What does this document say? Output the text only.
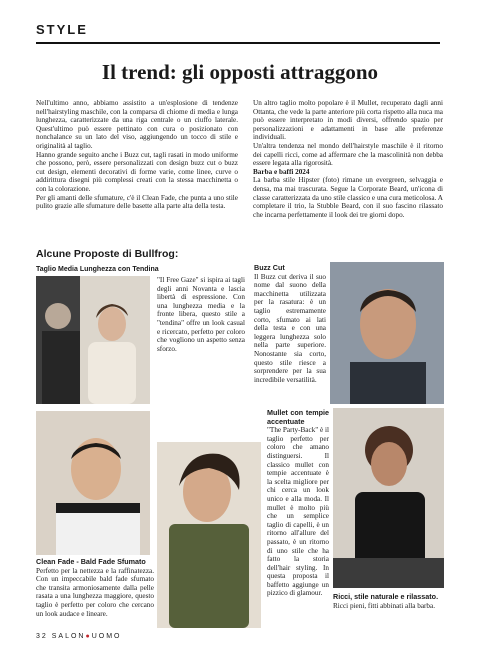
STYLE
Il trend: gli opposti attraggono

Nell'ultimo anno, abbiamo assistito a un'esplosione di tendenze nell'hairstyling maschile, con la comparsa di chiome di media e lunga lunghezza, caratterizzate da una riga centrale o un ciuffo laterale. Quest'ultimo può essere pettinato con cura o posizionato con nonchalance su un lato del viso, aggiungendo un tocco di stile e originalità al taglio.

Hanno grande seguito anche i Buzz cut, tagli rasati in modo uniforme che possono, però, essere personalizzati con design buzz cut o buzz cut design, elementi decorativi di forme varie, come linee, curve o addirittura disegni più complessi creati con la stessa macchinetta o con la colorazione.

Per gli amanti delle sfumature, c'è il Clean Fade, che punta a uno stile pulito grazie alle sfumature delle basette alla parte alta della testa.

Un altro taglio molto popolare è il Mullet, recuperato dagli anni Ottanta, che vede la parte anteriore più corta rispetto alla nuca ma può essere interpretato in modi diversi, offrendo spazio per personalizzazioni e adattamenti in base alle preferenze individuali.

Un'altra tendenza nel mondo dell'hairstyle maschile è il ritorno dei capelli ricci, come ad affermare che la mascolinità non debba essere legata alla rigorosità.

Barba e baffi 2024

La barba stile Hipster (foto) rimane un evergreen, selvaggia e densa, ma mai trascurata. Segue la Corporate Beard, un'icona di classe caratterizzata da uno stile classico e una cura meticolosa. A completare il trio, la Stubble Beard, con il suo fascino rilassato che incarna perfettamente il look dei tre giorni dopo.

Alcune Proposte di Bullfrog:
Taglio Media Lunghezza con Tendina
"Il Free Gaze" si ispira ai tagli degli anni Novanta e lascia libertà di espressione. Con una lunghezza media e la fronte libera, questo stile a "tendina" offre un look casual e ricercato, perfetto per coloro che vogliono un aspetto senza sforzo.
Buzz Cut
Il Buzz cut deriva il suo nome dal suono della macchinetta utilizzata per la rasatura: è un taglio estremamente corto, sfumato ai lati della testa e con una leggera lunghezza solo nella parte superiore. Nonostante sia corto, questo stile riesce a sorprendere per la sua incredibile versatilità.
Clean Fade - Bald Fade Sfumato
Perfetto per la nettezza e la raffinatezza. Con un impeccabile bald fade sfumato che transita armoniosamente dalla pelle rasata a una lunghezza maggiore, questo taglio è perfetto per coloro che cercano un look audace e lineare.
Mullet con tempie accentuate
"The Party-Back" è il taglio perfetto per coloro che amano distinguersi. Il classico mullet con tempie accentuate è la scelta migliore per chi cerca un look unico e alla moda. Il mullet è molto più che un semplice taglio di capelli, è un ritorno all'allure del passato, è un ritorno di uno stile che ha fatto la storia dell'hair styling. In questa proposta il baffetto aggiunge un pizzico di glamour.	Ricci, stile naturale e rilassato.
Ricci pieni, fitti abbinati alla barba.
32 SALON●UOMO
